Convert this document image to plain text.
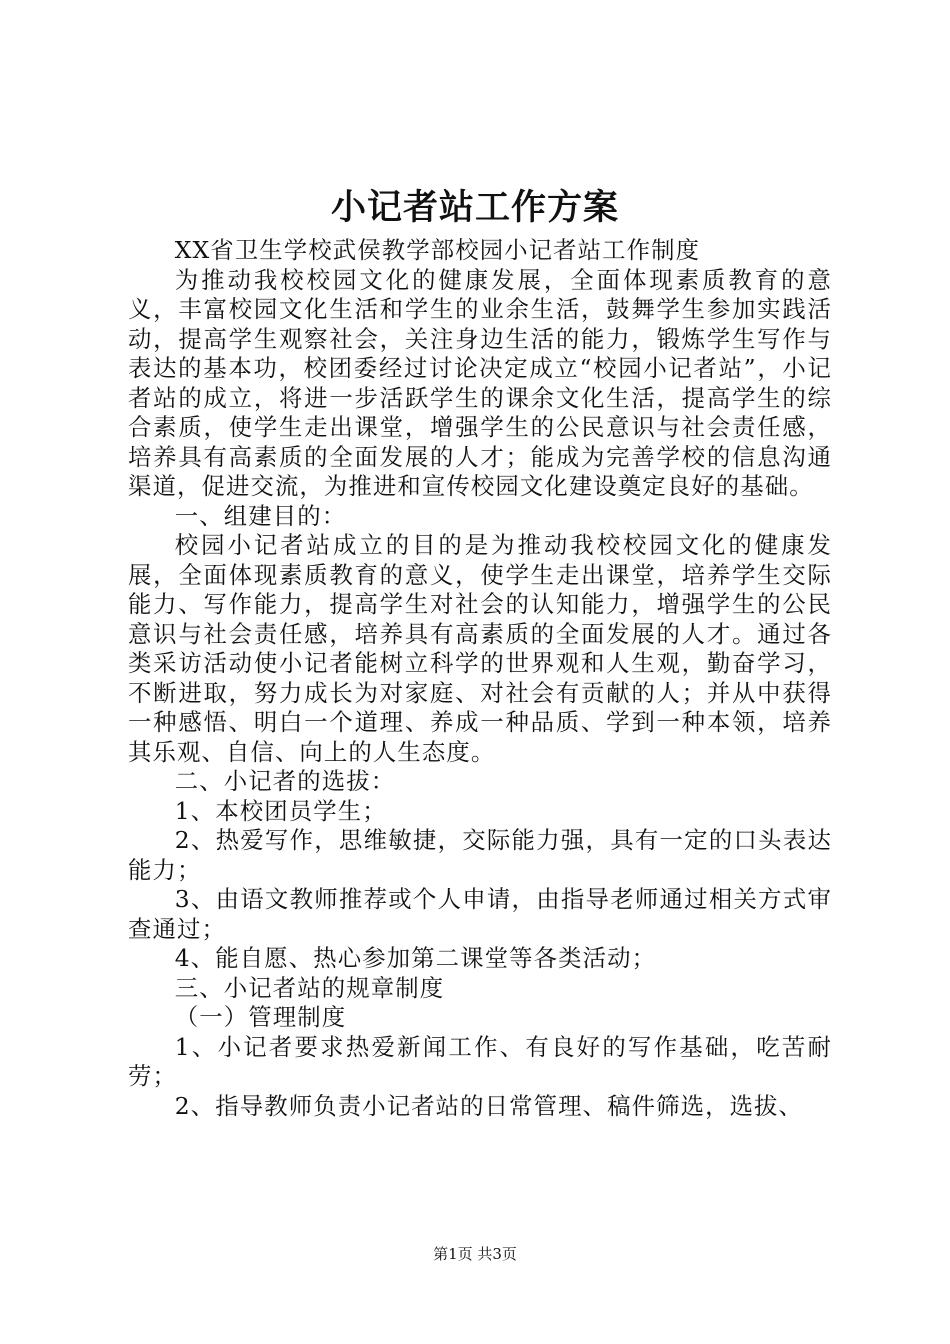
小记者站工作方案

XX省卫生学校武侯教学部校园小记者站工作制度

为推动我校校园文化的健康发展，全面体现素质教育的意义，丰富校园文化生活和学生的业余生活，鼓舞学生参加实践活动，提高学生观察社会，关注身边生活的能力，锻炼学生写作与表达的基本功，校团委经过讨论决定成立“校园小记者站”，小记者站的成立，将进一步活跃学生的课余文化生活，提高学生的综合素质，使学生走出课堂，增强学生的公民意识与社会责任感，培养具有高素质的全面发展的人才；能成为完善学校的信息沟通渠道，促进交流，为推进和宣传校园文化建设奠定良好的基础。

一、组建目的：

校园小记者站成立的目的是为推动我校校园文化的健康发展，全面体现素质教育的意义，使学生走出课堂，培养学生交际能力、写作能力，提高学生对社会的认知能力，增强学生的公民意识与社会责任感，培养具有高素质的全面发展的人才。通过各类采访活动使小记者能树立科学的世界观和人生观，勤奋学习，不断进取，努力成长为对家庭、对社会有贡献的人；并从中获得一种感悟、明白一个道理、养成一种品质、学到一种本领，培养其乐观、自信、向上的人生态度。

二、小记者的选拔：

1、本校团员学生；

2、热爱写作，思维敏捷，交际能力强，具有一定的口头表达能力；

3、由语文教师推荐或个人申请，由指导老师通过相关方式审查通过；

4、能自愿、热心参加第二课堂等各类活动；

三、小记者站的规章制度

（一）管理制度

1、小记者要求热爱新闻工作、有良好的写作基础，吃苦耐劳；

2、指导教师负责小记者站的日常管理、稿件筛选，选拔、

第1页 共3页
